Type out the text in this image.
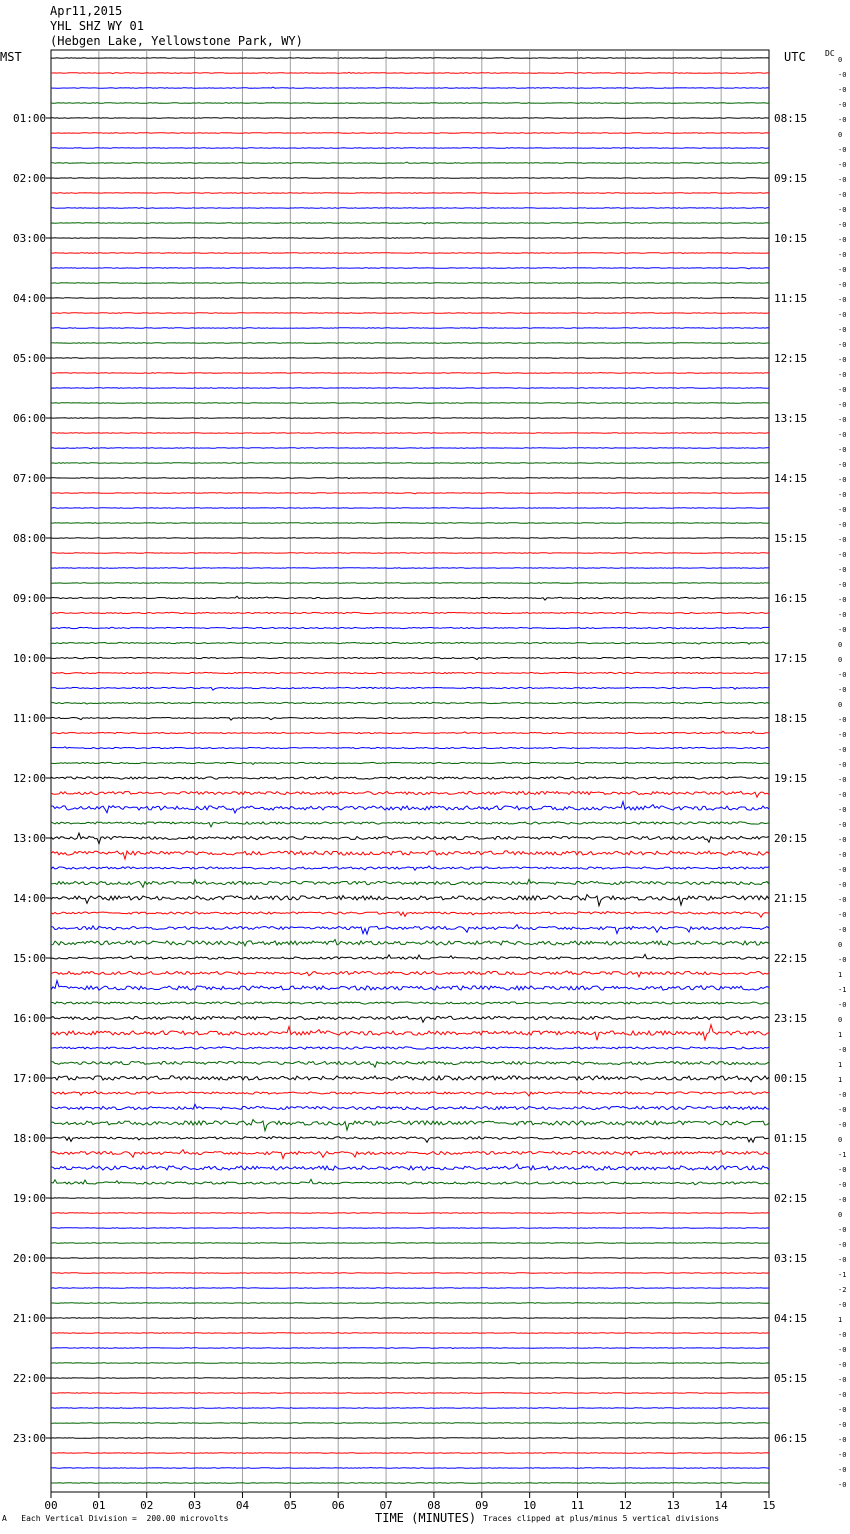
Apr11,2015
YHL SHZ WY 01
(Hebgen Lake, Yellowstone Park, WY)
MST	UTC DC
0
-0
-0
-0
-0
0
-0
-0
-0
-0
-0
-0
-0
-0
-0
-0
-0
-0
-0
-0
-0
-0
-0
-0
-0
-0
-0
-0
-0
-0
-0
-0
-0
-0
-0
-0
-0
-0
-0
0
0
-0
-0
0
-0
-0
-0
-0
-0
-0
-0
-0
-0
-0
-0
-0
-0
-0
-0
0
-0
1
-1
-0
0
1
-0
1
1
-0
-0
-0
0
-1
-0
-0
-0
0
-0
-0
-0
-1
-2
-0
1
-0
-0
-0
-0
-0
-0
-0
-0
-0
-0
-0
01:00
02:00
03:00
04:00
05:00
06:00
07:00
08:00
09:00
10:00
11:00
12:00
13:00
14:00
15:00
16:00
17:00
18:00
19:00
20:00
21:00
22:00
23:00
08:15
09:15
10:15
11:15
12:15
13:15
14:15
15:15
16:15
17:15
18:15
19:15
20:15
21:15
22:15
23:15
00:15
01:15
02:15
03:15
04:15
05:15
06:15
00	01	02	03	04	05	06	07	08	09	10	11	12	13	14	15
A Each Vertical Division =  200.00 microvolts	TIME (MINUTES) Traces clipped at plus/minus 5 vertical divisions
